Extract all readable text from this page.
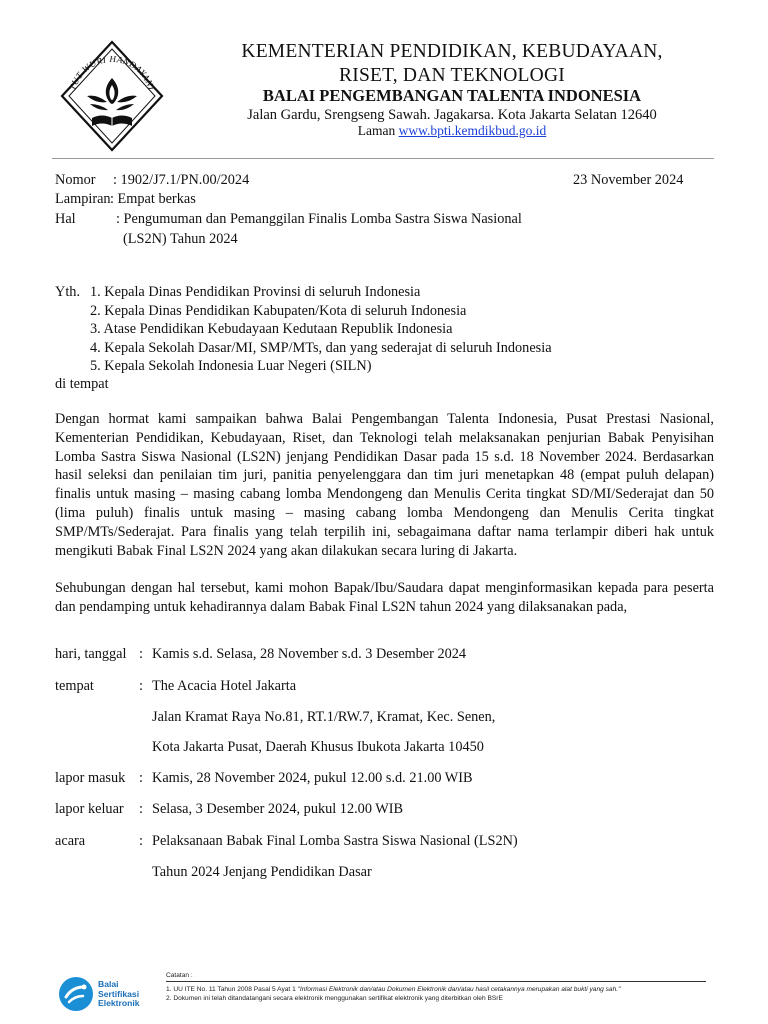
TUT WURI HANDAYANI
KEMENTERIAN PENDIDIKAN, KEBUDAYAAN,
RISET, DAN TEKNOLOGI
BALAI PENGEMBANGAN TALENTA INDONESIA
Jalan Gardu, Srengseng Sawah. Jagakarsa. Kota Jakarta Selatan 12640
Laman www.bpti.kemdikbud.go.id
Nomor : 1902/J7.1/PN.00/2024	23 November 2024
Lampiran : Empat berkas
Hal	: Pengumuman dan Pemanggilan Finalis Lomba Sastra Siswa Nasional
(LS2N) Tahun 2024
Yth. 1. Kepala Dinas Pendidikan Provinsi di seluruh Indonesia
2. Kepala Dinas Pendidikan Kabupaten/Kota di seluruh Indonesia
3. Atase Pendidikan Kebudayaan Kedutaan Republik Indonesia
4. Kepala Sekolah Dasar/MI, SMP/MTs, dan yang sederajat di seluruh Indonesia
5. Kepala Sekolah Indonesia Luar Negeri (SILN)
di tempat
Dengan hormat kami sampaikan bahwa Balai Pengembangan Talenta Indonesia, Pusat Prestasi Nasional, Kementerian Pendidikan, Kebudayaan, Riset, dan Teknologi telah melaksanakan penjurian Babak Penyisihan Lomba Sastra Siswa Nasional (LS2N) jenjang Pendidikan Dasar pada 15 s.d. 18 November 2024. Berdasarkan hasil seleksi dan penilaian tim juri, panitia penyelenggara dan tim juri menetapkan 48 (empat puluh delapan) finalis untuk masing – masing cabang lomba Mendongeng dan Menulis Cerita tingkat SD/MI/Sederajat dan 50 (lima puluh) finalis untuk masing – masing cabang lomba Mendongeng dan Menulis Cerita tingkat SMP/MTs/Sederajat. Para finalis yang telah terpilih ini, sebagaimana daftar nama terlampir diberi hak untuk mengikuti Babak Final LS2N 2024 yang akan dilakukan secara luring di Jakarta.
Sehubungan dengan hal tersebut, kami mohon Bapak/Ibu/Saudara dapat menginformasikan kepada para peserta dan pendamping untuk kehadirannya dalam Babak Final LS2N tahun 2024 yang dilaksanakan pada,
hari, tanggal : Kamis s.d. Selasa, 28 November s.d. 3 Desember 2024
tempat	: The Acacia Hotel Jakarta
Jalan Kramat Raya No.81, RT.1/RW.7, Kramat, Kec. Senen,
Kota Jakarta Pusat, Daerah Khusus Ibukota Jakarta 10450
lapor masuk : Kamis, 28 November 2024, pukul 12.00 s.d. 21.00 WIB
lapor keluar : Selasa, 3 Desember 2024, pukul 12.00 WIB
acara	: Pelaksanaan Babak Final Lomba Sastra Siswa Nasional (LS2N)
Tahun 2024 Jenjang Pendidikan Dasar
Balai
Sertifikasi
Elektronik
Catatan :
1. UU ITE No. 11 Tahun 2008 Pasal 5 Ayat 1 "Informasi Elektronik dan/atau Dokumen Elektronik dan/atau hasil cetakannya merupakan alat bukti yang sah."
2. Dokumen ini telah ditandatangani secara elektronik menggunakan sertifikat elektronik yang diterbitkan oleh BSrE
